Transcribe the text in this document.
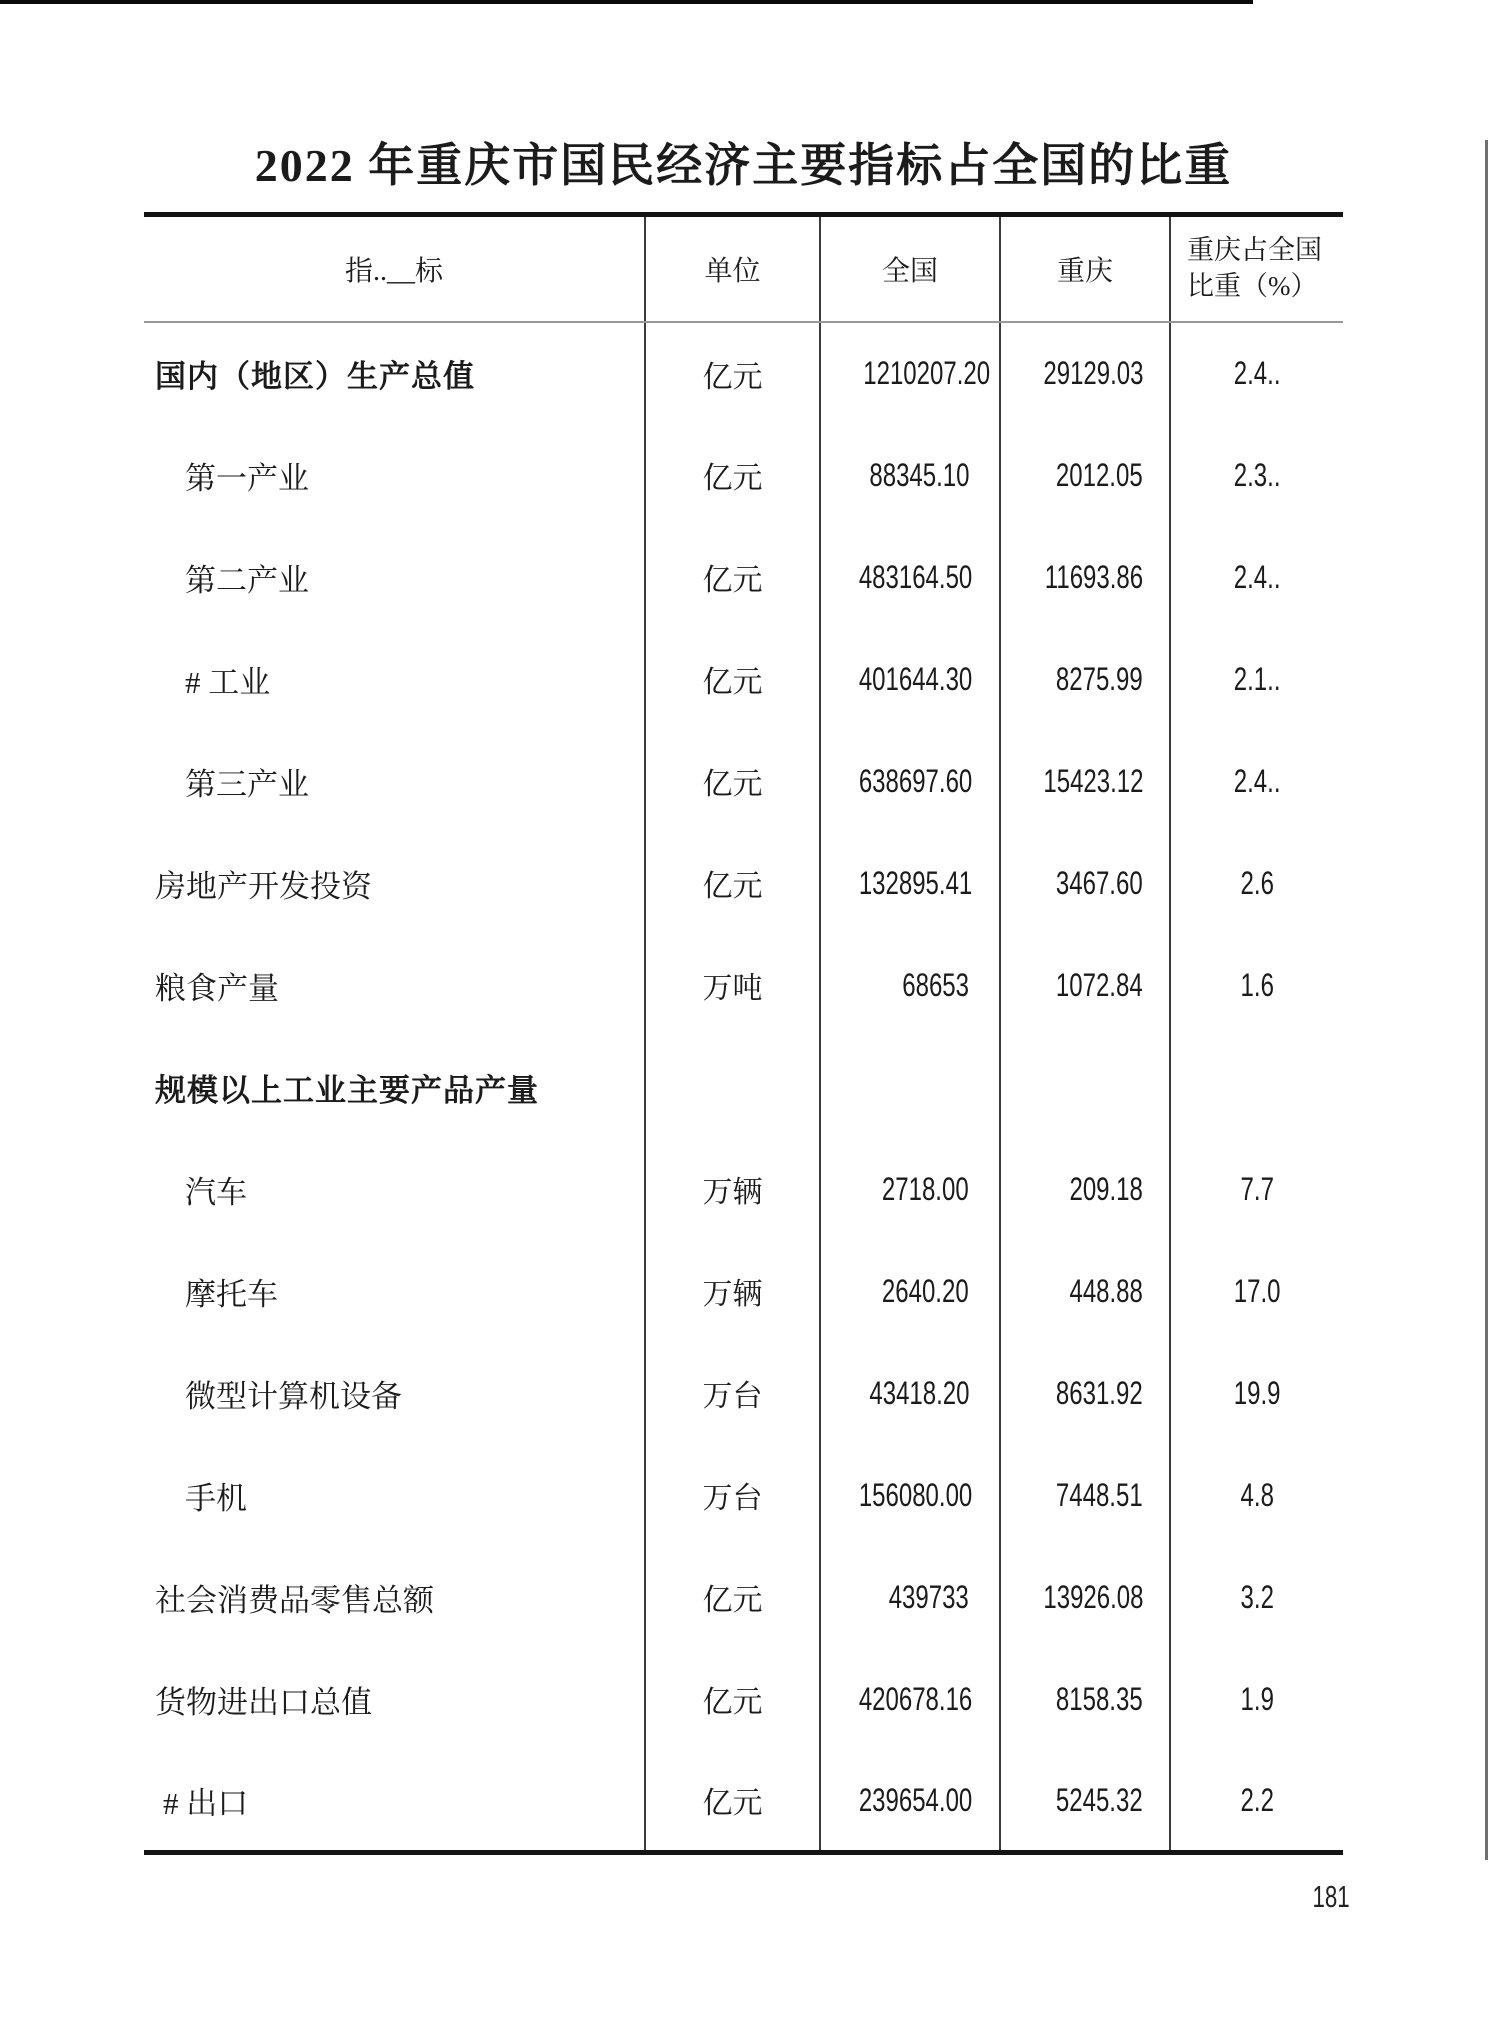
2022 年重庆市国民经济主要指标占全国的比重
指..__标	单位	全国	重庆	重庆占全国
比重（%）

国内（地区）生产总值	亿元	1210207.20	29129.03	2.4..
第一产业	亿元	88345.10	2012.05	2.3..
第二产业	亿元	483164.50	11693.86	2.4..
# 工业	亿元	401644.30	8275.99	2.1..
第三产业	亿元	638697.60	15423.12	2.4..
房地产开发投资	亿元	132895.41	3467.60	2.6
粮食产量	万吨	68653	1072.84	1.6
规模以上工业主要产品产量				
汽车	万辆	2718.00	209.18	7.7
摩托车	万辆	2640.20	448.88	17.0
微型计算机设备	万台	43418.20	8631.92	19.9
手机	万台	156080.00	7448.51	4.8
社会消费品零售总额	亿元	439733	13926.08	3.2
货物进出口总值	亿元	420678.16	8158.35	1.9
# 出口	亿元	239654.00	5245.32	2.2
181
